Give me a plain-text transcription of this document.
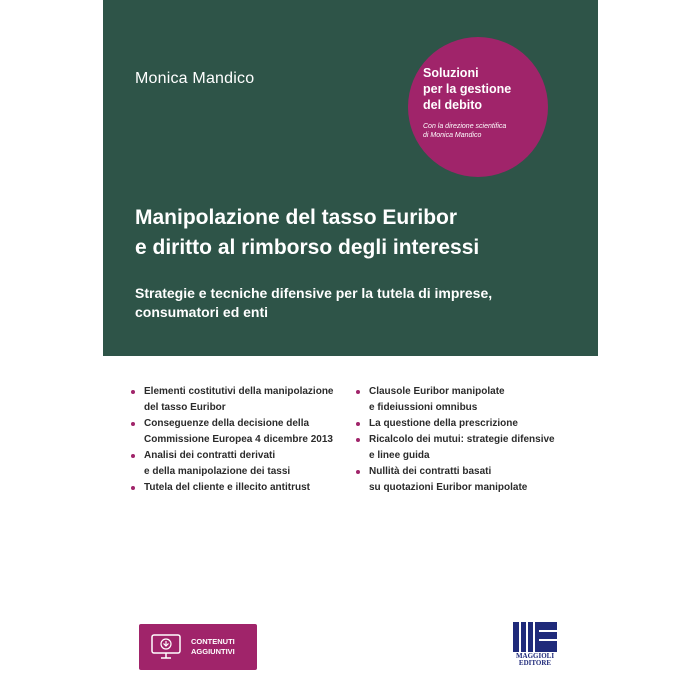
Monica Mandico	Soluzioni
per la gestione
del debito
Con la direzione scientifica
di Monica Mandico
Manipolazione del tasso Euribor
e diritto al rimborso degli interessi
Strategie e tecniche difensive per la tutela di imprese,
consumatori ed enti
Elementi costitutivi della manipolazione
del tasso Euribor
Conseguenze della decisione della
Commissione Europea 4 dicembre 2013
Analisi dei contratti derivati
e della manipolazione dei tassi
Tutela del cliente e illecito antitrust
Clausole Euribor manipolate
e fideiussioni omnibus
La questione della prescrizione
Ricalcolo dei mutui: strategie difensive
e linee guida
Nullità dei contratti basati
su quotazioni Euribor manipolate
CONTENUTI
AGGIUNTIVI	MAGGIOLI
EDITORE
